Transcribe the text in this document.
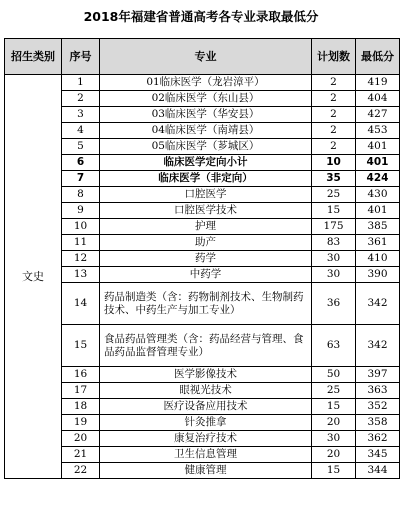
2018年福建省普通高考各专业录取最低分
招生类别	序号	专业	计划数	最低分
文史	1	01临床医学（龙岩漳平）	2	419
	2	02临床医学（东山县）	2	404
	3	03临床医学（华安县）	2	427
	4	04临床医学（南靖县）	2	453
	5	05临床医学（芗城区）	2	401
	6	临床医学定向小计	10	401
	7	临床医学（非定向）	35	424
	8	口腔医学	25	430
	9	口腔医学技术	15	401
	10	护理	175	385
	11	助产	83	361
	12	药学	30	410
	13	中药学	30	390
	14	药品制造类（含：药物制剂技术、生物制药技术、中药生产与加工专业）	36	342
	15	食品药品管理类（含：药品经营与管理、食品药品监督管理专业）	63	342
	16	医学影像技术	50	397
	17	眼视光技术	25	363
	18	医疗设备应用技术	15	352
	19	针灸推拿	20	358
	20	康复治疗技术	30	362
	21	卫生信息管理	20	345
	22	健康管理	15	344
